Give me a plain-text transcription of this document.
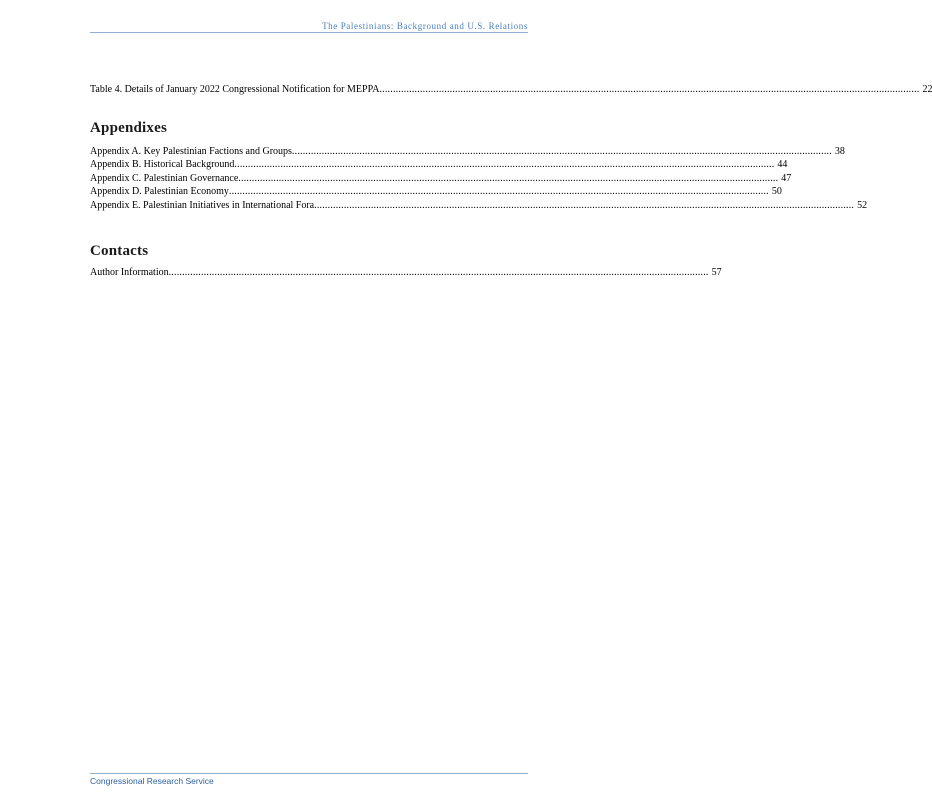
The Palestinians: Background and U.S. Relations
Table 4. Details of January 2022 Congressional Notification for MEPPA ........................................................................................................................................................................................................ 22
Appendixes
Appendix A. Key Palestinian Factions and Groups ........................................................................................................................................................................................................ 38
Appendix B. Historical Background ........................................................................................................................................................................................................ 44
Appendix C. Palestinian Governance ........................................................................................................................................................................................................ 47
Appendix D. Palestinian Economy ........................................................................................................................................................................................................ 50
Appendix E. Palestinian Initiatives in International Fora ........................................................................................................................................................................................................ 52
Contacts
Author Information ........................................................................................................................................................................................................ 57
Congressional Research Service
